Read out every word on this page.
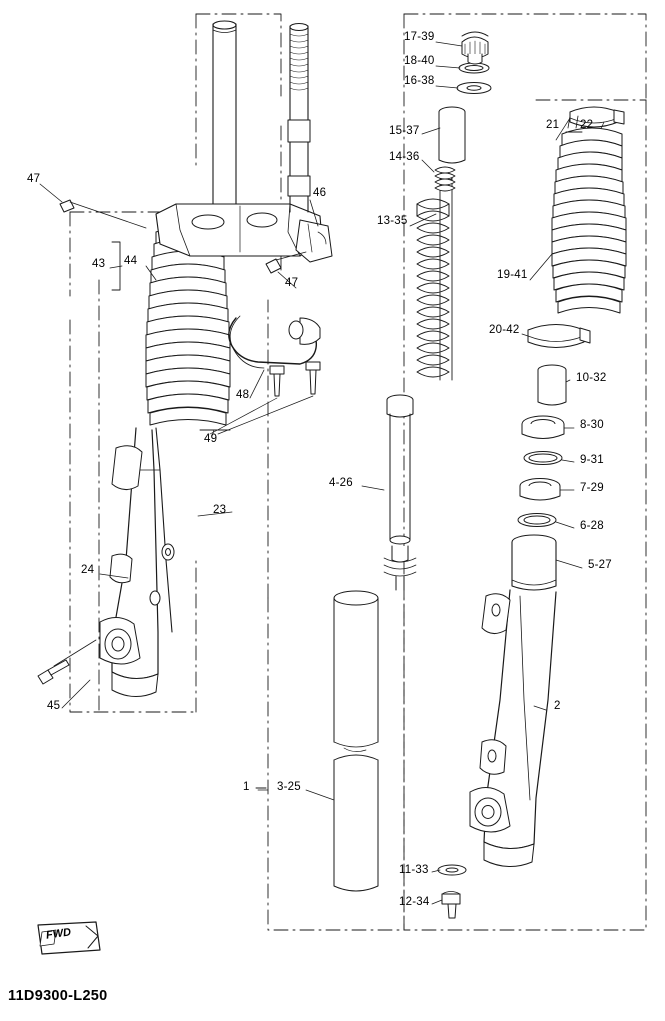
17-39
18-40
16-38
21 22
15-37
14-36
47
46
13-35
43 44
47
19-41
20-42
10-32
48
8-30
49
9-31
4-26	7-29
6-28
23
5-27
24
45	2
1 3-25
11-33
12-34
FWD
11D9300-L250
